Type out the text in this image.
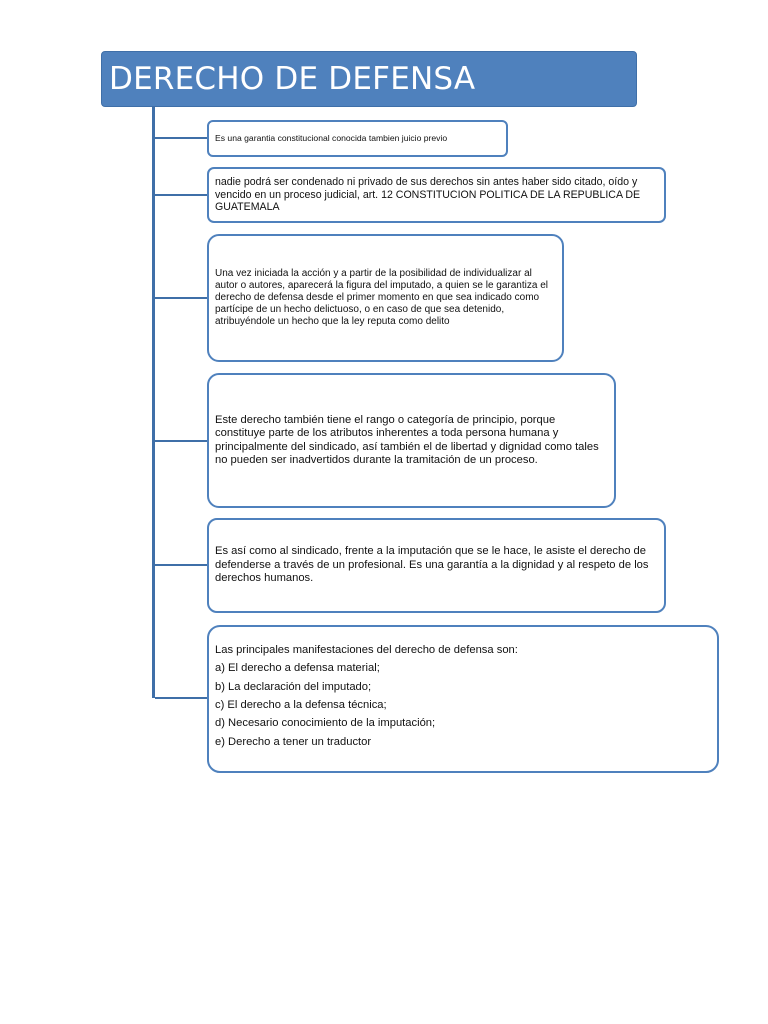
DERECHO DE DEFENSA

Es una garantia constitucional conocida tambien juicio previo

nadie podrá ser condenado ni privado de sus derechos sin antes haber sido citado, oído y vencido en un proceso judicial, art. 12 CONSTITUCION POLITICA DE LA REPUBLICA DE GUATEMALA

Una vez iniciada la acción y a partir de la posibilidad de individualizar al autor o autores, aparecerá la figura del imputado, a quien se le garantiza el derecho de defensa desde el primer momento en que sea indicado como partícipe de un hecho delictuoso, o en caso de que sea detenido, atribuyéndole un hecho que la ley reputa como delito

Este derecho también tiene el rango o categoría de principio, porque constituye parte de los atributos inherentes a toda persona humana y principalmente del sindicado, así también el de libertad y dignidad como tales no pueden ser inadvertidos durante la tramitación de un proceso.

Es así como al sindicado, frente a la imputación que se le hace, le asiste el derecho de defenderse a través de un profesional. Es una garantía a la dignidad y al respeto de los derechos humanos.

Las principales manifestaciones del derecho de defensa son:

a) El derecho a defensa material;

b) La declaración del imputado;

c) El derecho a la defensa técnica;

d) Necesario conocimiento de la imputación;

e) Derecho a tener un traductor
